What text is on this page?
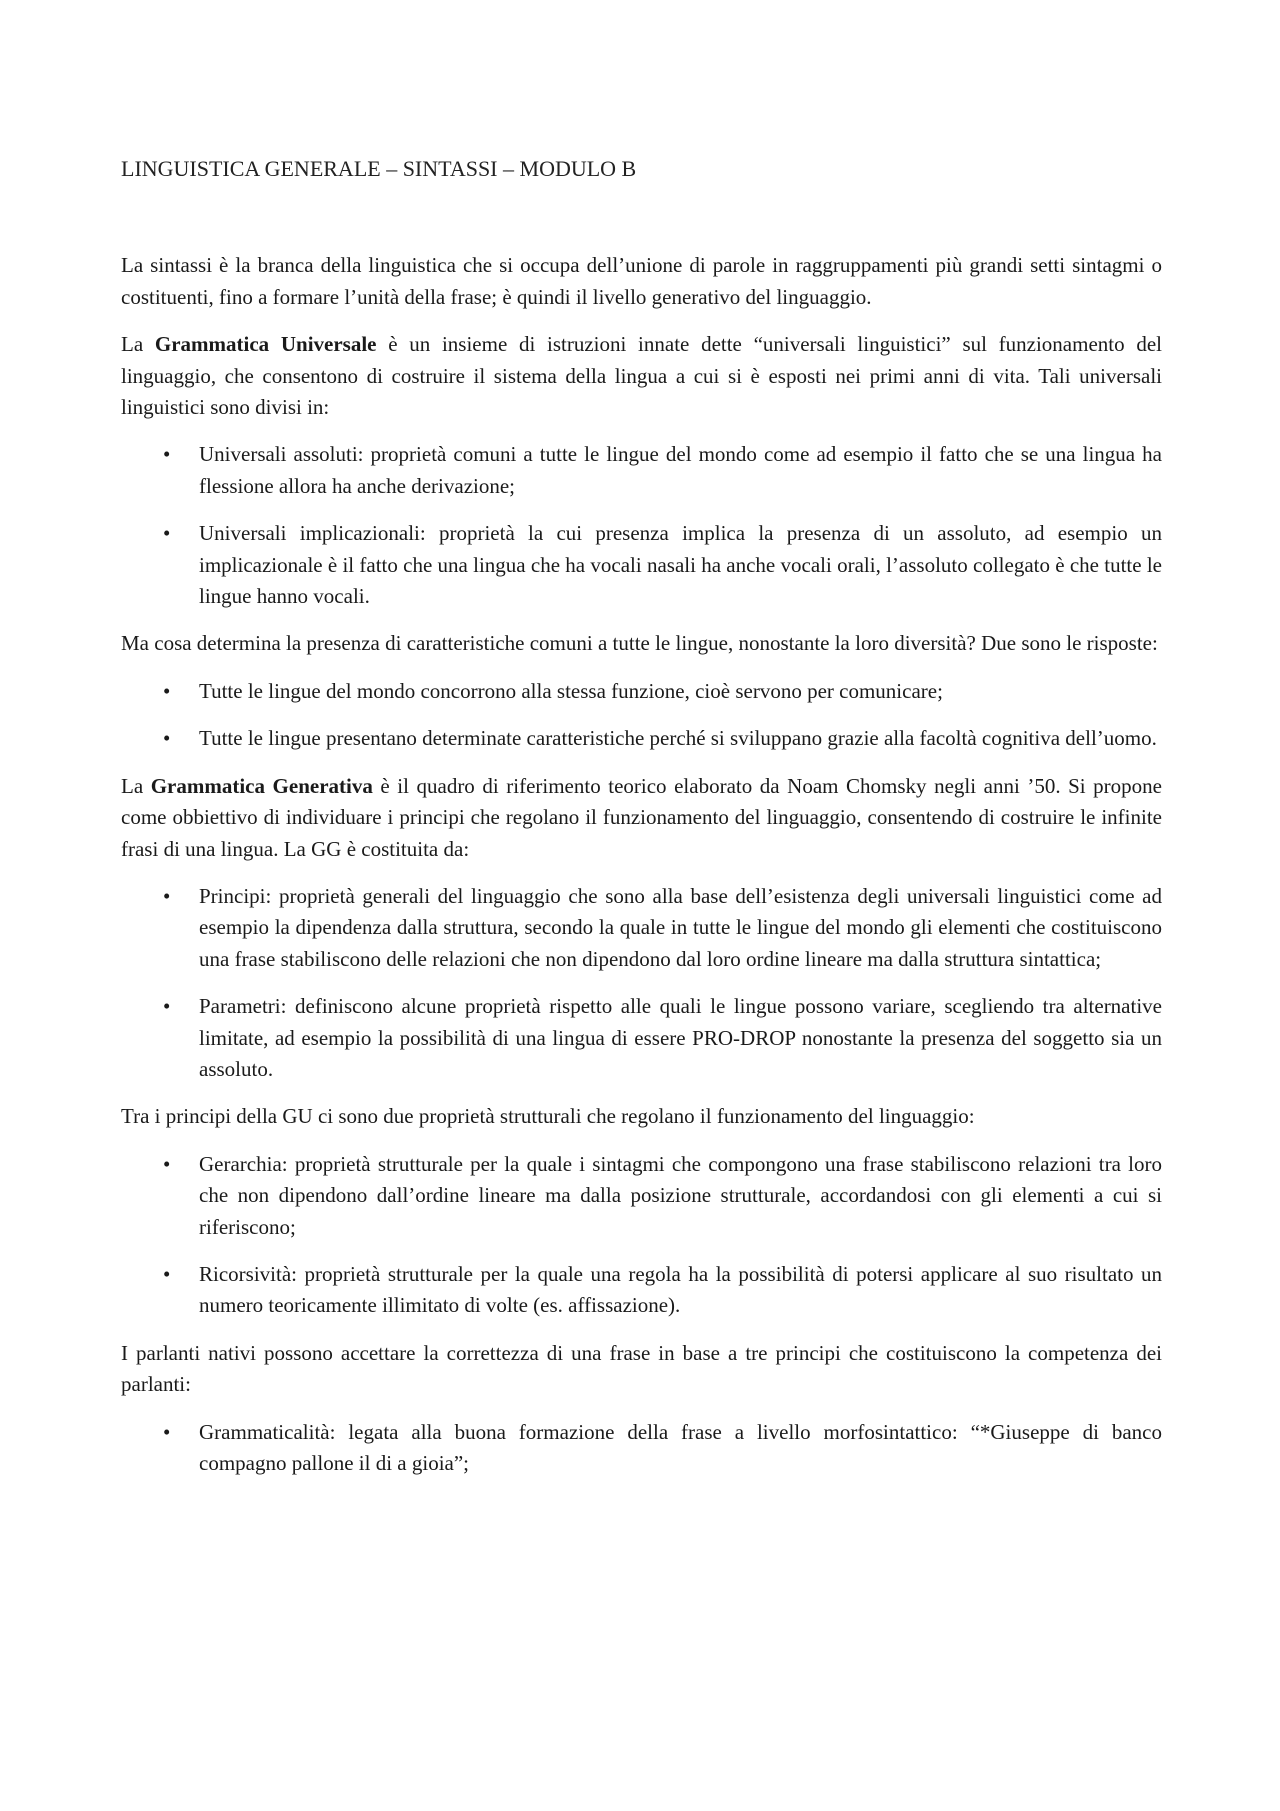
LINGUISTICA GENERALE – SINTASSI – MODULO B

La sintassi è la branca della linguistica che si occupa dell’unione di parole in raggruppamenti più grandi setti sintagmi o costituenti, fino a formare l’unità della frase; è quindi il livello generativo del linguaggio.

La Grammatica Universale è un insieme di istruzioni innate dette “universali linguistici” sul funzionamento del linguaggio, che consentono di costruire il sistema della lingua a cui si è esposti nei primi anni di vita. Tali universali linguistici sono divisi in:

• Universali assoluti: proprietà comuni a tutte le lingue del mondo come ad esempio il fatto che se una lingua ha flessione allora ha anche derivazione;
• Universali implicazionali: proprietà la cui presenza implica la presenza di un assoluto, ad esempio un implicazionale è il fatto che una lingua che ha vocali nasali ha anche vocali orali, l’assoluto collegato è che tutte le lingue hanno vocali.

Ma cosa determina la presenza di caratteristiche comuni a tutte le lingue, nonostante la loro diversità? Due sono le risposte:

• Tutte le lingue del mondo concorrono alla stessa funzione, cioè servono per comunicare;
• Tutte le lingue presentano determinate caratteristiche perché si sviluppano grazie alla facoltà cognitiva dell’uomo.

La Grammatica Generativa è il quadro di riferimento teorico elaborato da Noam Chomsky negli anni ’50. Si propone come obbiettivo di individuare i principi che regolano il funzionamento del linguaggio, consentendo di costruire le infinite frasi di una lingua. La GG è costituita da:

• Principi: proprietà generali del linguaggio che sono alla base dell’esistenza degli universali linguistici come ad esempio la dipendenza dalla struttura, secondo la quale in tutte le lingue del mondo gli elementi che costituiscono una frase stabiliscono delle relazioni che non dipendono dal loro ordine lineare ma dalla struttura sintattica;
• Parametri: definiscono alcune proprietà rispetto alle quali le lingue possono variare, scegliendo tra alternative limitate, ad esempio la possibilità di una lingua di essere PRO-DROP nonostante la presenza del soggetto sia un assoluto.

Tra i principi della GU ci sono due proprietà strutturali che regolano il funzionamento del linguaggio:

• Gerarchia: proprietà strutturale per la quale i sintagmi che compongono una frase stabiliscono relazioni tra loro che non dipendono dall’ordine lineare ma dalla posizione strutturale, accordandosi con gli elementi a cui si riferiscono;
• Ricorsività: proprietà strutturale per la quale una regola ha la possibilità di potersi applicare al suo risultato un numero teoricamente illimitato di volte (es. affissazione).

I parlanti nativi possono accettare la correttezza di una frase in base a tre principi che costituiscono la competenza dei parlanti:

• Grammaticalità: legata alla buona formazione della frase a livello morfosintattico: “*Giuseppe di banco compagno pallone il di a gioia”;
